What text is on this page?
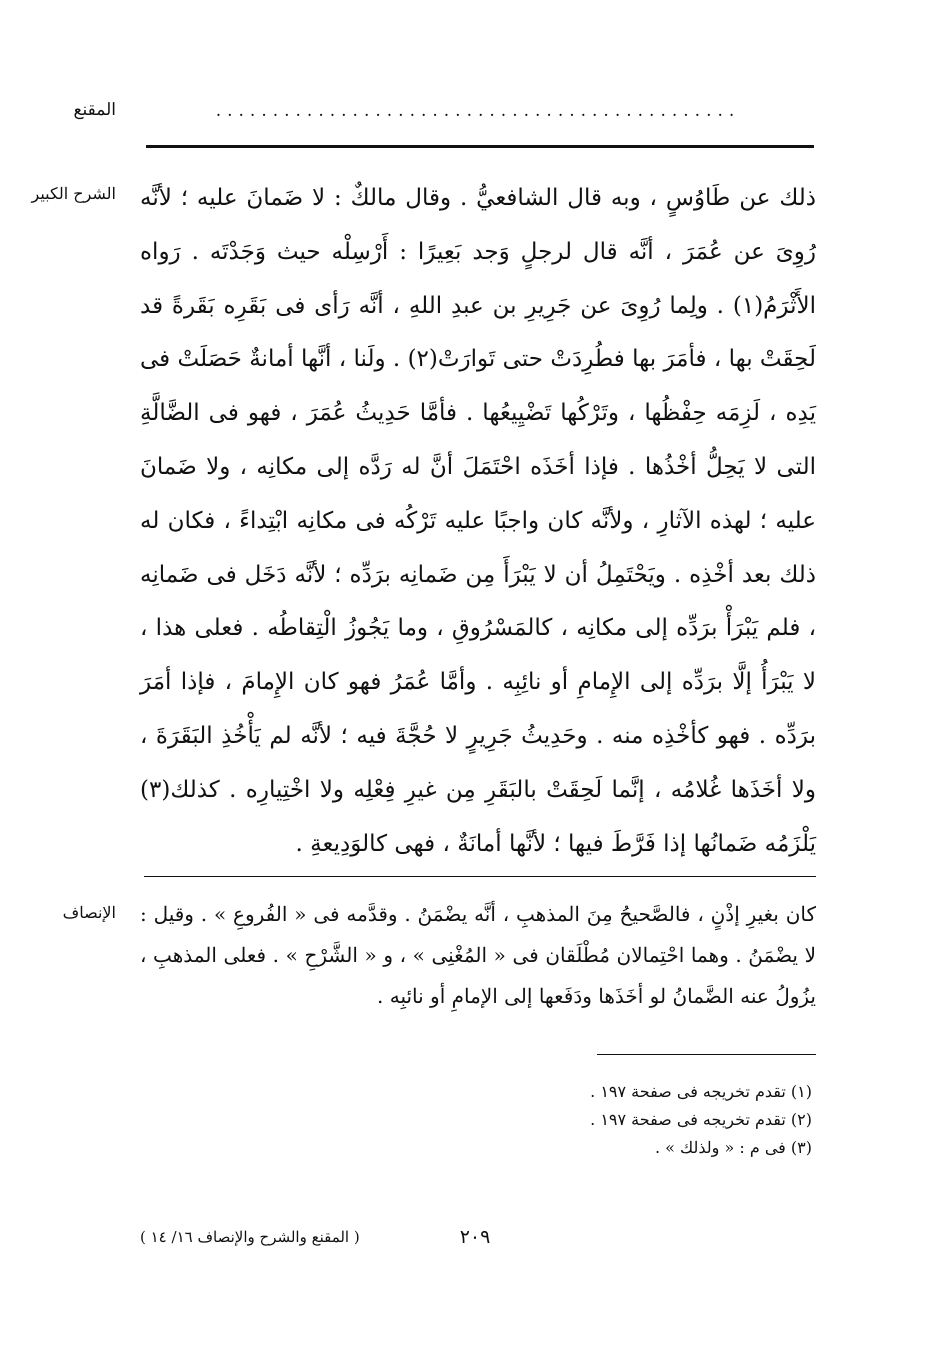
المقنع	..............................................
الشرح الكبير ذلك عن طَاوُسٍ ، وبه قال الشافعيُّ . وقال مالكٌ : لا ضَمانَ عليه ؛ لأنَّه رُوِىَ عن عُمَرَ ، أنَّه قال لرجلٍ وَجد بَعِيرًا : أَرْسِلْه حيث وَجَدْتَه . رَواه الأَثْرَمُ(١) . ولِما رُوِىَ عن جَرِيرِ بن عبدِ اللهِ ، أنَّه رَأى فى بَقَرِه بَقَرةً قد لَحِقَتْ بها ، فأمَرَ بها فطُرِدَتْ حتى تَوارَتْ(٢) . ولَنا ، أنَّها أمانةٌ حَصَلَتْ فى يَدِه ، لَزِمَه حِفْظُها ، وتَرْكُها تَضْيِيعُها . فأمَّا حَدِيثُ عُمَرَ ، فهو فى الضَّالَّةِ التى لا يَحِلُّ أخْذُها . فإذا أخَذَه احْتَمَلَ أنَّ له رَدَّه إلى مكانِه ، ولا ضَمانَ عليه ؛ لهذه الآثارِ ، ولأنَّه كان واجبًا عليه تَرْكُه فى مكانِه ابْتِداءً ، فكان له ذلك بعد أخْذِه . ويَحْتَمِلُ أن لا يَبْرَأَ مِن ضَمانِه برَدِّه ؛ لأنَّه دَخَل فى ضَمانِه ، فلم يَبْرَأْ برَدِّه إلى مكانِه ، كالمَسْرُوقِ ، وما يَجُوزُ الْتِقاطُه . فعلى هذا ، لا يَبْرَأُ إلَّا برَدِّه إلى الإِمامِ أو نائِبِه . وأمَّا عُمَرُ فهو كان الإِمامَ ، فإذا أمَرَ برَدِّه . فهو كأخْذِه منه . وحَدِيثُ جَرِيرٍ لا حُجَّةَ فيه ؛ لأنَّه لم يَأْخُذِ البَقَرَةَ ، ولا أخَذَها غُلامُه ، إنَّما لَحِقَتْ بالبَقَرِ مِن غيرِ فِعْلِه ولا اخْتِيارِه . كذلك(٣) يَلْزَمُه ضَمانُها إذا فَرَّطَ فيها ؛ لأنَّها أمانَةٌ ، فهى كالوَدِيعةِ .
الإنصاف كان بغيرِ إذْنٍ ، فالصَّحيحُ مِنَ المذهبِ ، أنَّه يضْمَنُ . وقدَّمه فى « الفُروعِ » . وقيل : لا يضْمَنُ . وهما احْتِمالان مُطْلَقان فى « المُغْنِى » ، و « الشَّرْحِ » . فعلى المذهبِ ، يزُولُ عنه الضَّمانُ لو أخَذَها ودَفَعها إلى الإمامِ أو نائبِه .
(١) تقدم تخريجه فى صفحة ١٩٧ .
(٢) تقدم تخريجه فى صفحة ١٩٧ .
(٣) فى م : « ولذلك » .
٢٠٩
( المقنع والشرح والإنصاف ١٦/ ١٤ )
